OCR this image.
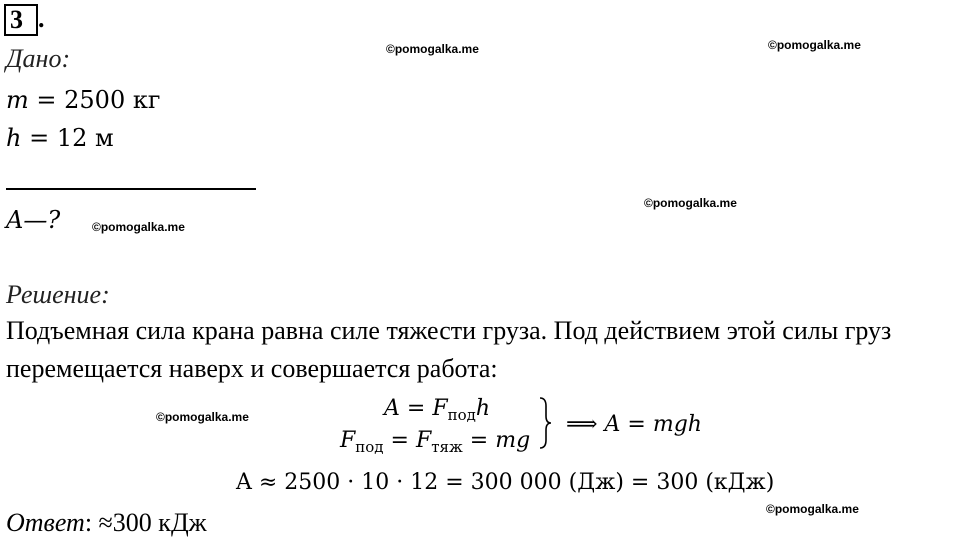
3 .
Дано:
m = 2500 кг
h = 12 м
A—?
Решение:
Подъемная сила крана равна силе тяжести груза. Под действием этой силы груз
перемещается наверх и совершается работа:
$A = F_{под}h$
$F_{под} = F_{тяж}$ = mg
⟹ A = mgh
A ≈ 2500 · 10 · 12 = 300 000 (Дж) = 300 (кДж)
Ответ: ≈300 кДж
©pomogalka.me	©pomogalka.me
©pomogalka.me
©pomogalka.me
©pomogalka.me
©pomogalka.me
